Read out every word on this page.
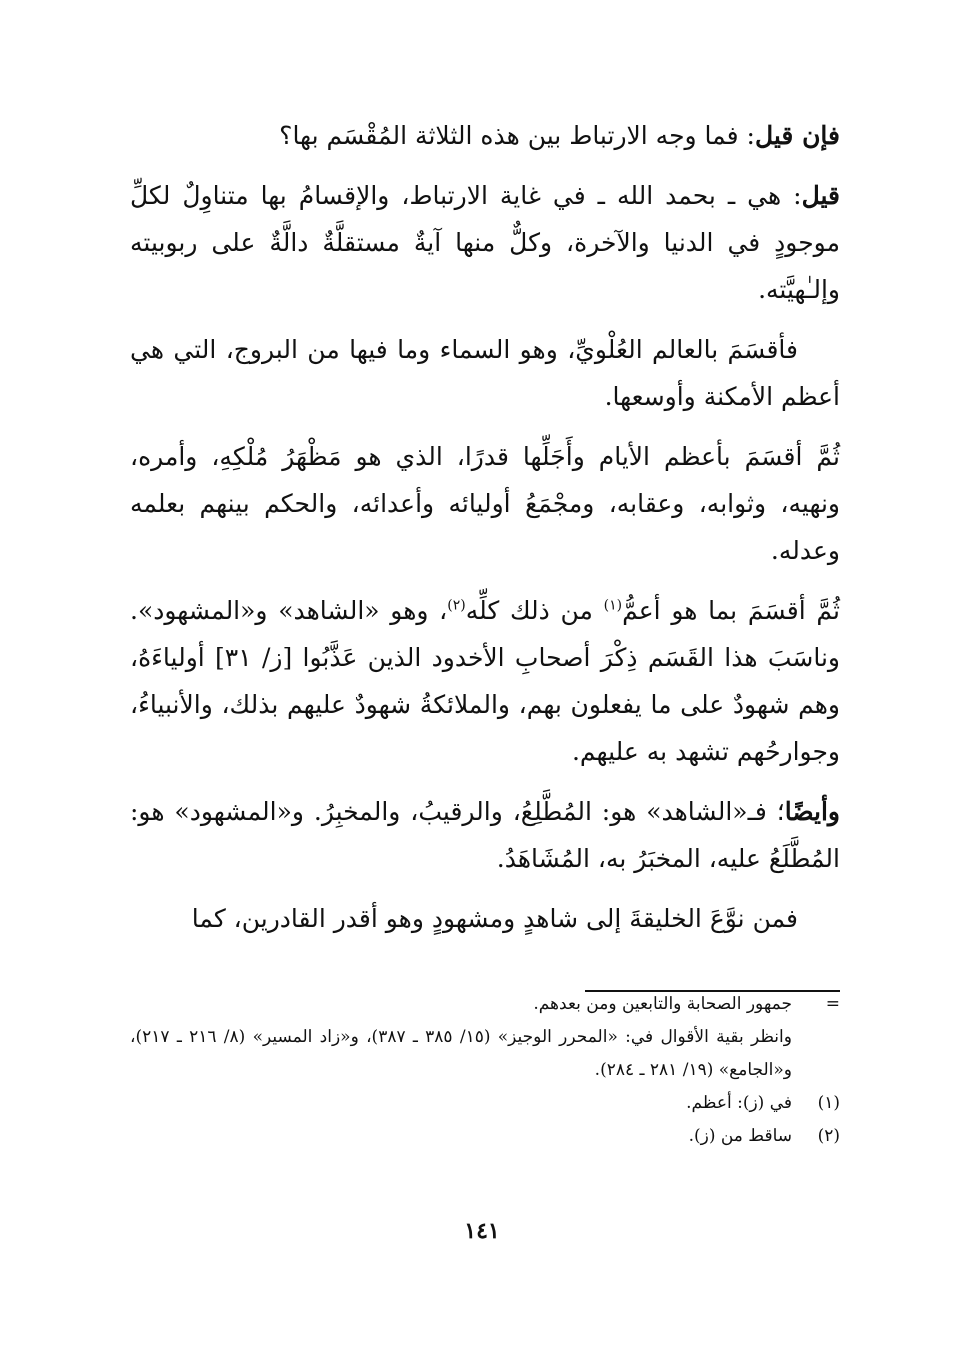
فإن قيل: فما وجه الارتباط بين هذه الثلاثة المُقْسَم بها؟

قيل: هي ـ بحمد الله ـ في غاية الارتباط، والإقسامُ بها متناوِلٌ لكلِّ موجودٍ في الدنيا والآخرة، وكلٌّ منها آيةٌ مستقلَّةٌ دالَّةٌ على ربوبيته وإلـٰهيَّته.

فأقسَمَ بالعالم العُلْويِّ، وهو السماء وما فيها من البروج، التي هي أعظم الأمكنة وأوسعها.

ثُمَّ أقسَمَ بأعظم الأيام وأَجَلِّها قدرًا، الذي هو مَظْهَرُ مُلْكِهِ، وأمره، ونهيه، وثوابه، وعقابه، ومجْمَعُ أوليائه وأعدائه، والحكم بينهم بعلمه وعدله.

ثُمَّ أقسَمَ بما هو أعمُّ$^{(١)}$ من ذلك كلِّه$^{(٢)}$، وهو «الشاهد» و«المشهود». وناسَبَ هذا القَسَم ذِكْرَ أصحابِ الأخدود الذين عَذَّبُوا [ز/ ٣١] أولياءَهُ، وهم شهودٌ على ما يفعلون بهم، والملائكةُ شهودٌ عليهم بذلك، والأنبياءُ، وجوارحُهم تشهد به عليهم.

وأيضًا؛ فـ«الشاهد» هو: المُطَّلِعُ، والرقيبُ، والمخبِرُ. و«المشهود» هو: المُطَّلَعُ عليه، المخبَرُ به، المُشَاهَدُ.

فمن نوَّعَ الخليقةَ إلى شاهدٍ ومشهودٍ وهو أقدر القادرين، كما

=جمهور الصحابة والتابعين ومن بعدهم.

وانظر بقية الأقوال في: «المحرر الوجيز» (١٥/ ٣٨٥ ـ ٣٨٧)، و«زاد المسير» (٨/ ٢١٦ ـ ٢١٧)، و«الجامع» (١٩/ ٢٨١ ـ ٢٨٤).

(١)في (ز): أعظم.

(٢)ساقط من (ز).

١٤١
